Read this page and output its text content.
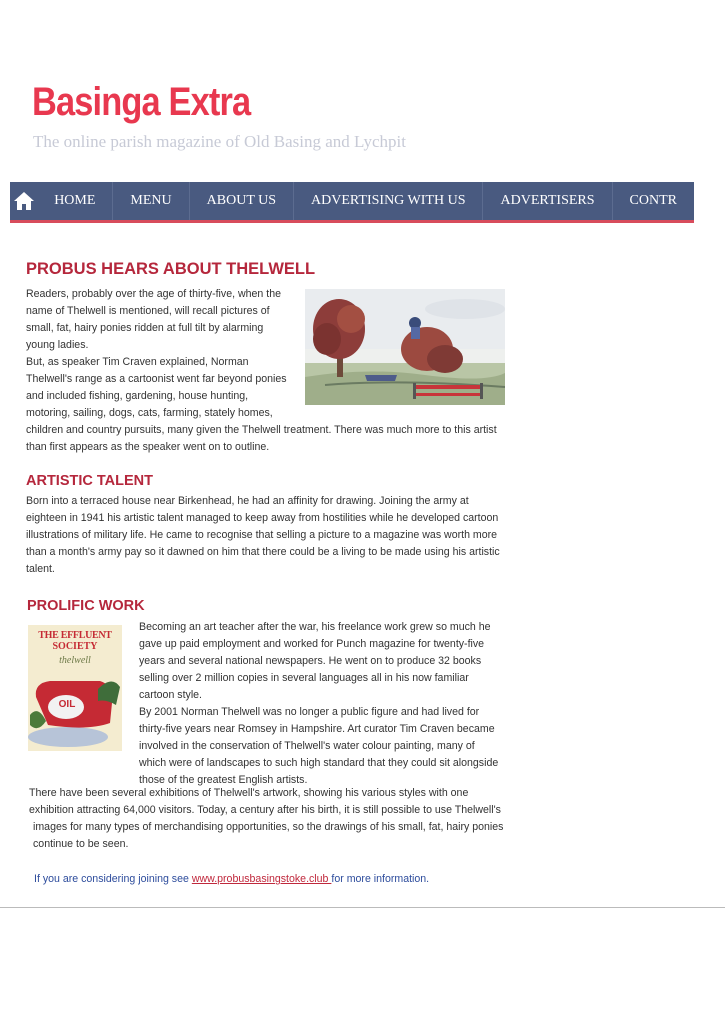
Basinga Extra
The online parish magazine of Old Basing and Lychpit
HOME	MENU	ABOUT US	ADVERTISING WITH US	ADVERTISERS	CONTR
PROBUS HEARS ABOUT THELWELL
Readers, probably over the age of thirty-five, when the
name of Thelwell is mentioned, will recall pictures of
small, fat, hairy ponies ridden at full tilt by alarming
young ladies.
But, as speaker Tim Craven explained, Norman
Thelwell's range as a cartoonist went far beyond ponies
and included fishing, gardening, house hunting,
motoring, sailing, dogs, cats, farming, stately homes,
children and country pursuits, many given the Thelwell treatment. There was much more to this artist
than first appears as the speaker went on to outline.
ARTISTIC TALENT
Born into a terraced house near Birkenhead, he had an affinity for drawing. Joining the army at
eighteen in 1941 his artistic talent managed to keep away from hostilities while he developed cartoon
illustrations of military life. He came to recognise that selling a picture to a magazine was worth more
than a month's army pay so it dawned on him that there could be a living to be made using his artistic
talent.
PROLIFIC WORK
THE EFFLUENT
SOCIETY
thelwell
OIL
Becoming an art teacher after the war, his freelance work grew so much he
gave up paid employment and worked for Punch magazine for twenty-five
years and several national newspapers. He went on to produce 32 books
selling over 2 million copies in several languages all in his now familiar
cartoon style.
By 2001 Norman Thelwell was no longer a public figure and had lived for
thirty-five years near Romsey in Hampshire. Art curator Tim Craven became
involved in the conservation of Thelwell's water colour painting, many of
which were of landscapes to such high standard that they could sit alongside
those of the greatest English artists.
There have been several exhibitions of Thelwell's artwork, showing his various styles with one
exhibition attracting 64,000 visitors. Today, a century after his birth, it is still possible to use Thelwell's
images for many types of merchandising opportunities, so the drawings of his small, fat, hairy ponies
continue to be seen.
If you are considering joining see www.probusbasingstoke.club for more information.
